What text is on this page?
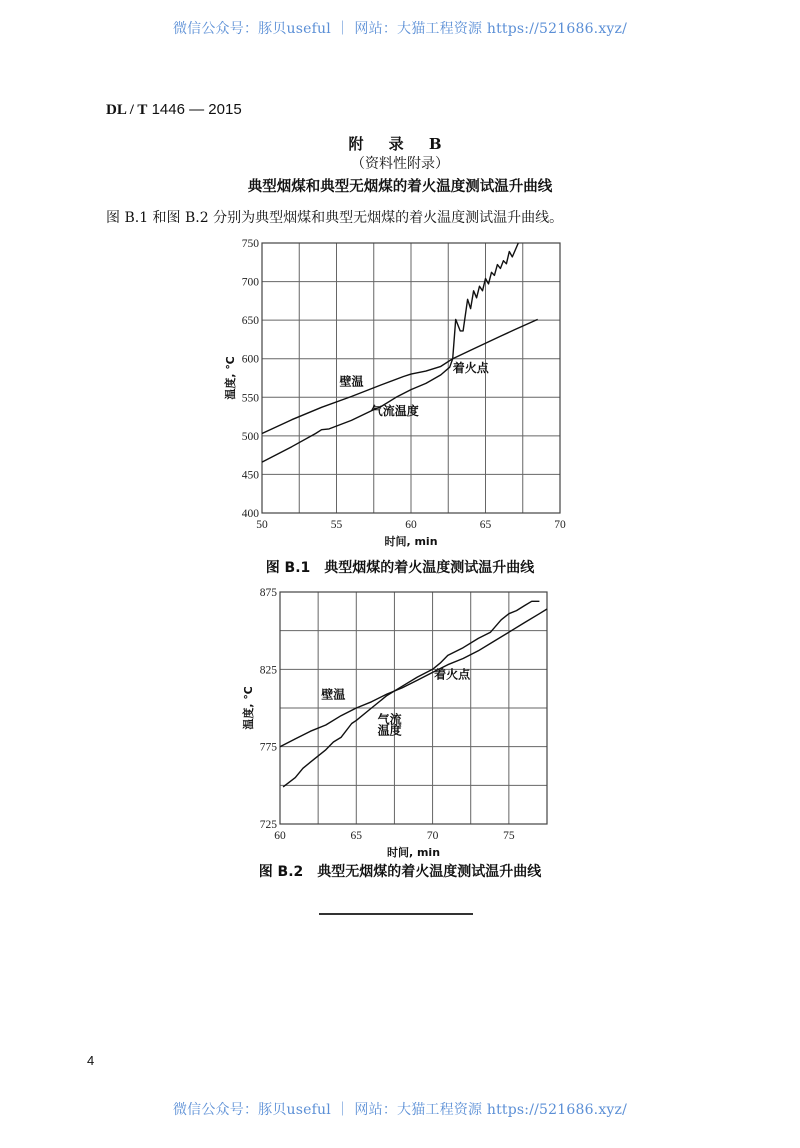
微信公众号：豚贝useful ｜ 网站：大猫工程资源 https://521686.xyz/
DL / T 1446 — 2015
附 录 B
（资料性附录）
典型烟煤和典型无烟煤的着火温度测试温升曲线
图 B.1 和图 B.2 分别为典型烟煤和典型无烟煤的着火温度测试温升曲线。
400
450
500
550
600
650
700
750
50	55	60	65	70
时间, min
温度, ℃	壁温
气流温度
着火点
图 B.1　典型烟煤的着火温度测试温升曲线
725
775
825
875
60	65	70	75
时间, min
温度, ℃	壁温
气流
温度
着火点
图 B.2　典型无烟煤的着火温度测试温升曲线
4
微信公众号：豚贝useful ｜ 网站：大猫工程资源 https://521686.xyz/
